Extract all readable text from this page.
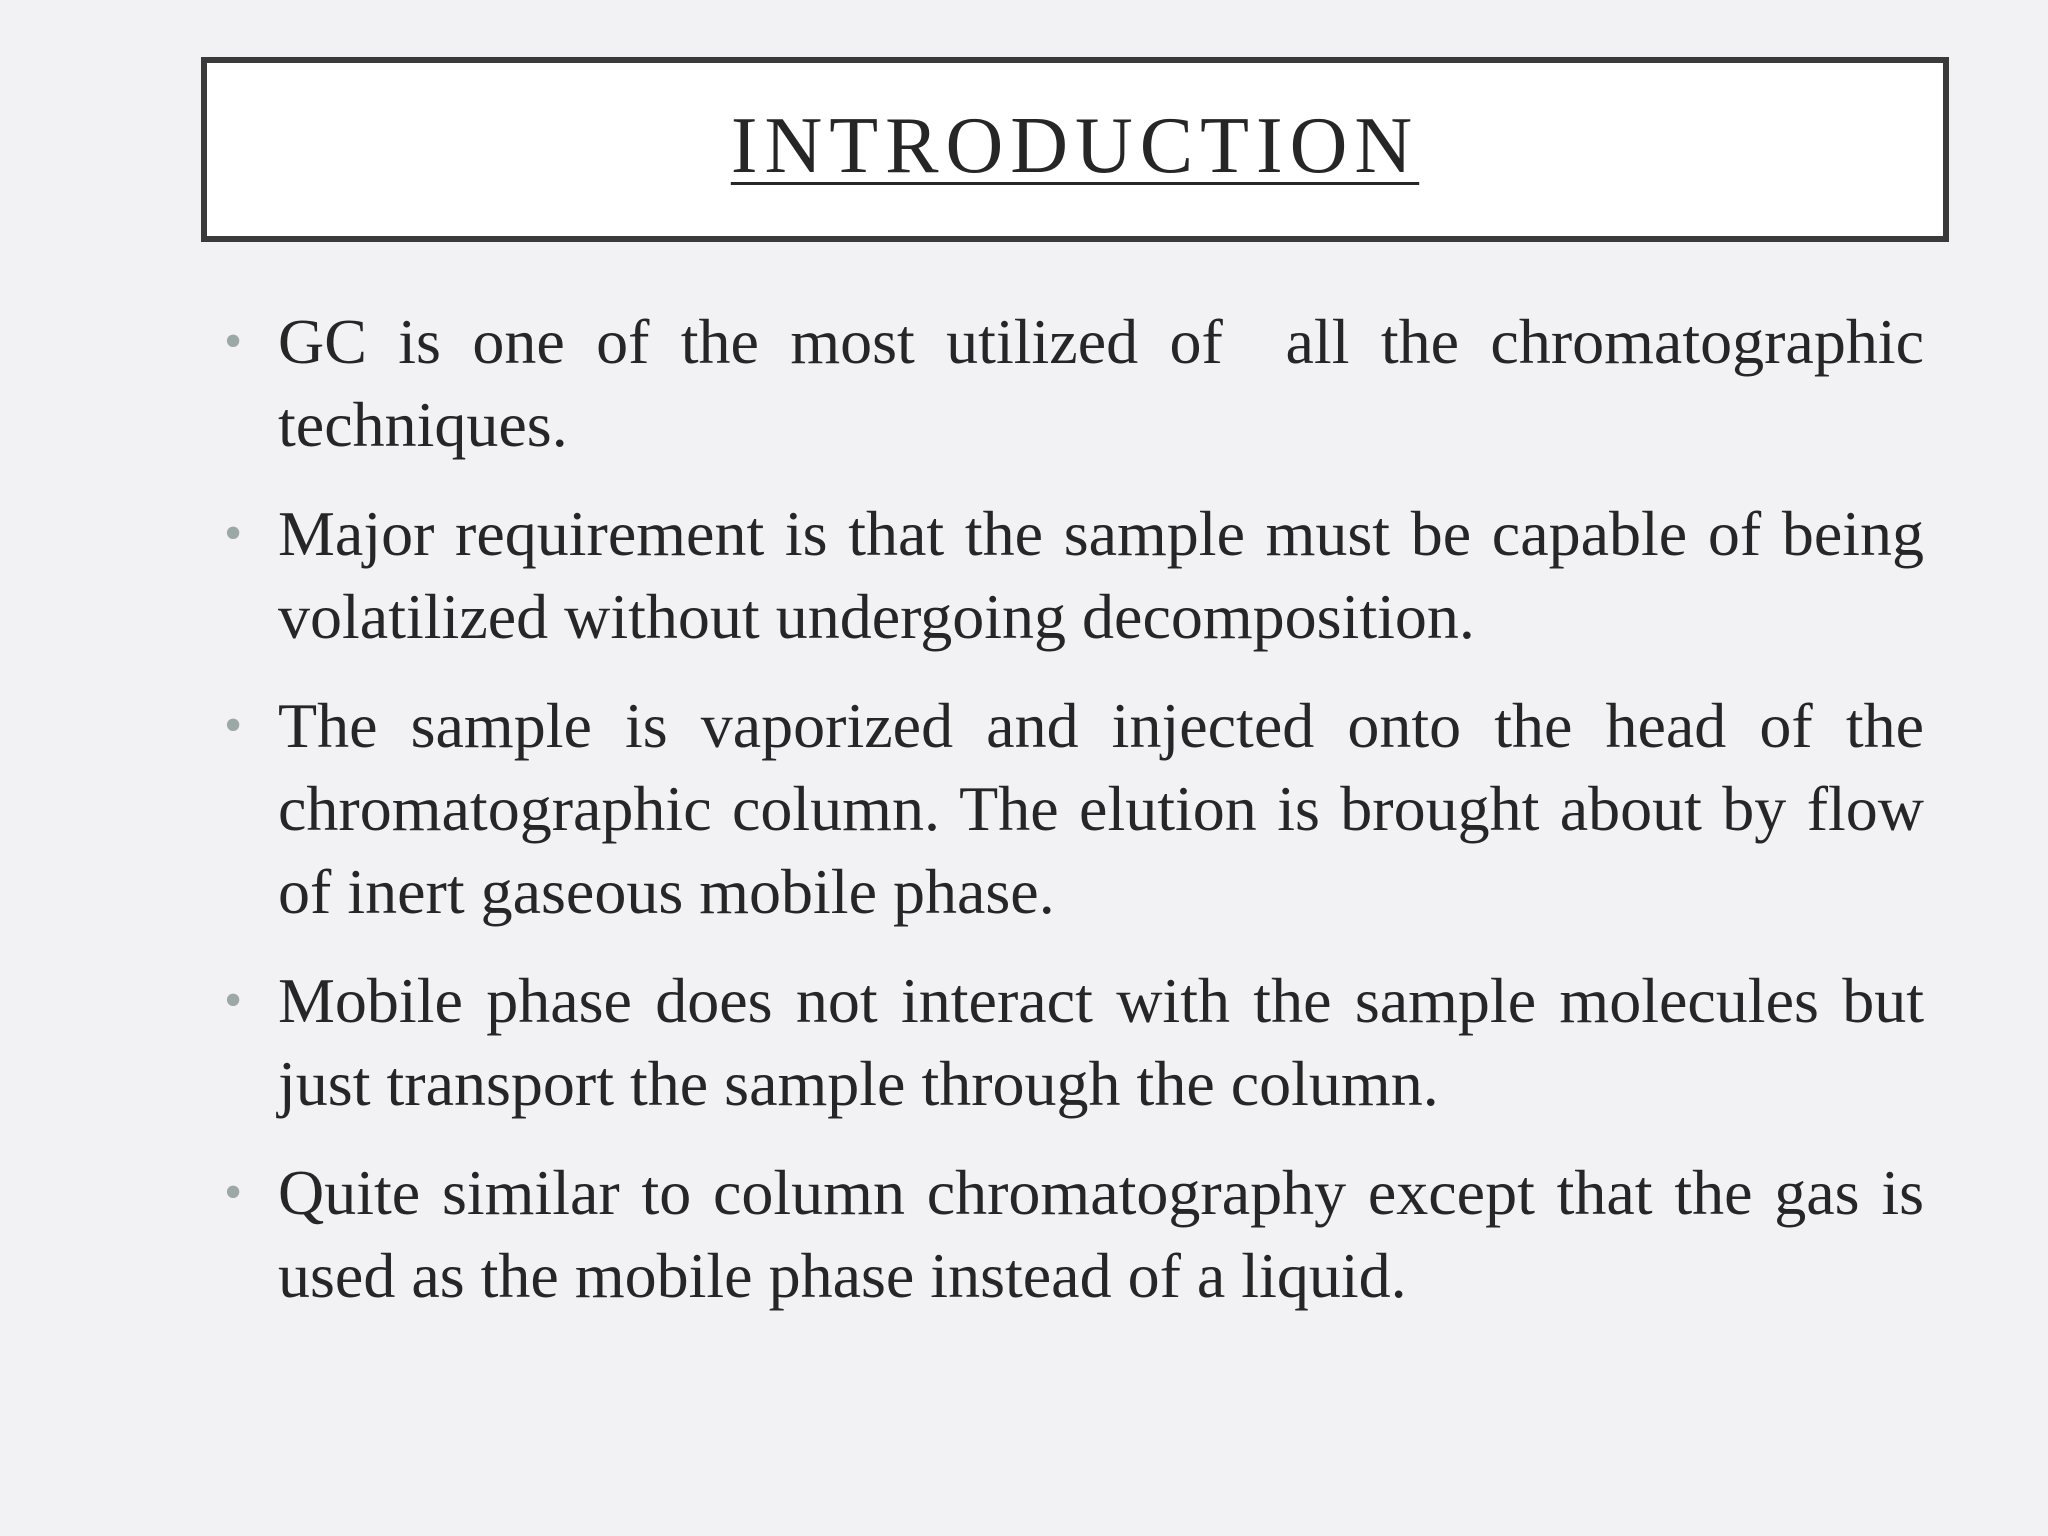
INTRODUCTION
• GC is one of the most utilized of  all the chromatographic techniques.
• Major requirement is that the sample must be capable of being volatilized without undergoing decomposition.
• The sample is vaporized and injected onto the head of the chromatographic column. The elution is brought about by flow of inert gaseous mobile phase.
• Mobile phase does not interact with the sample molecules but just transport the sample through the column.
• Quite similar to column chromatography except that the gas is used as the mobile phase instead of a liquid.
